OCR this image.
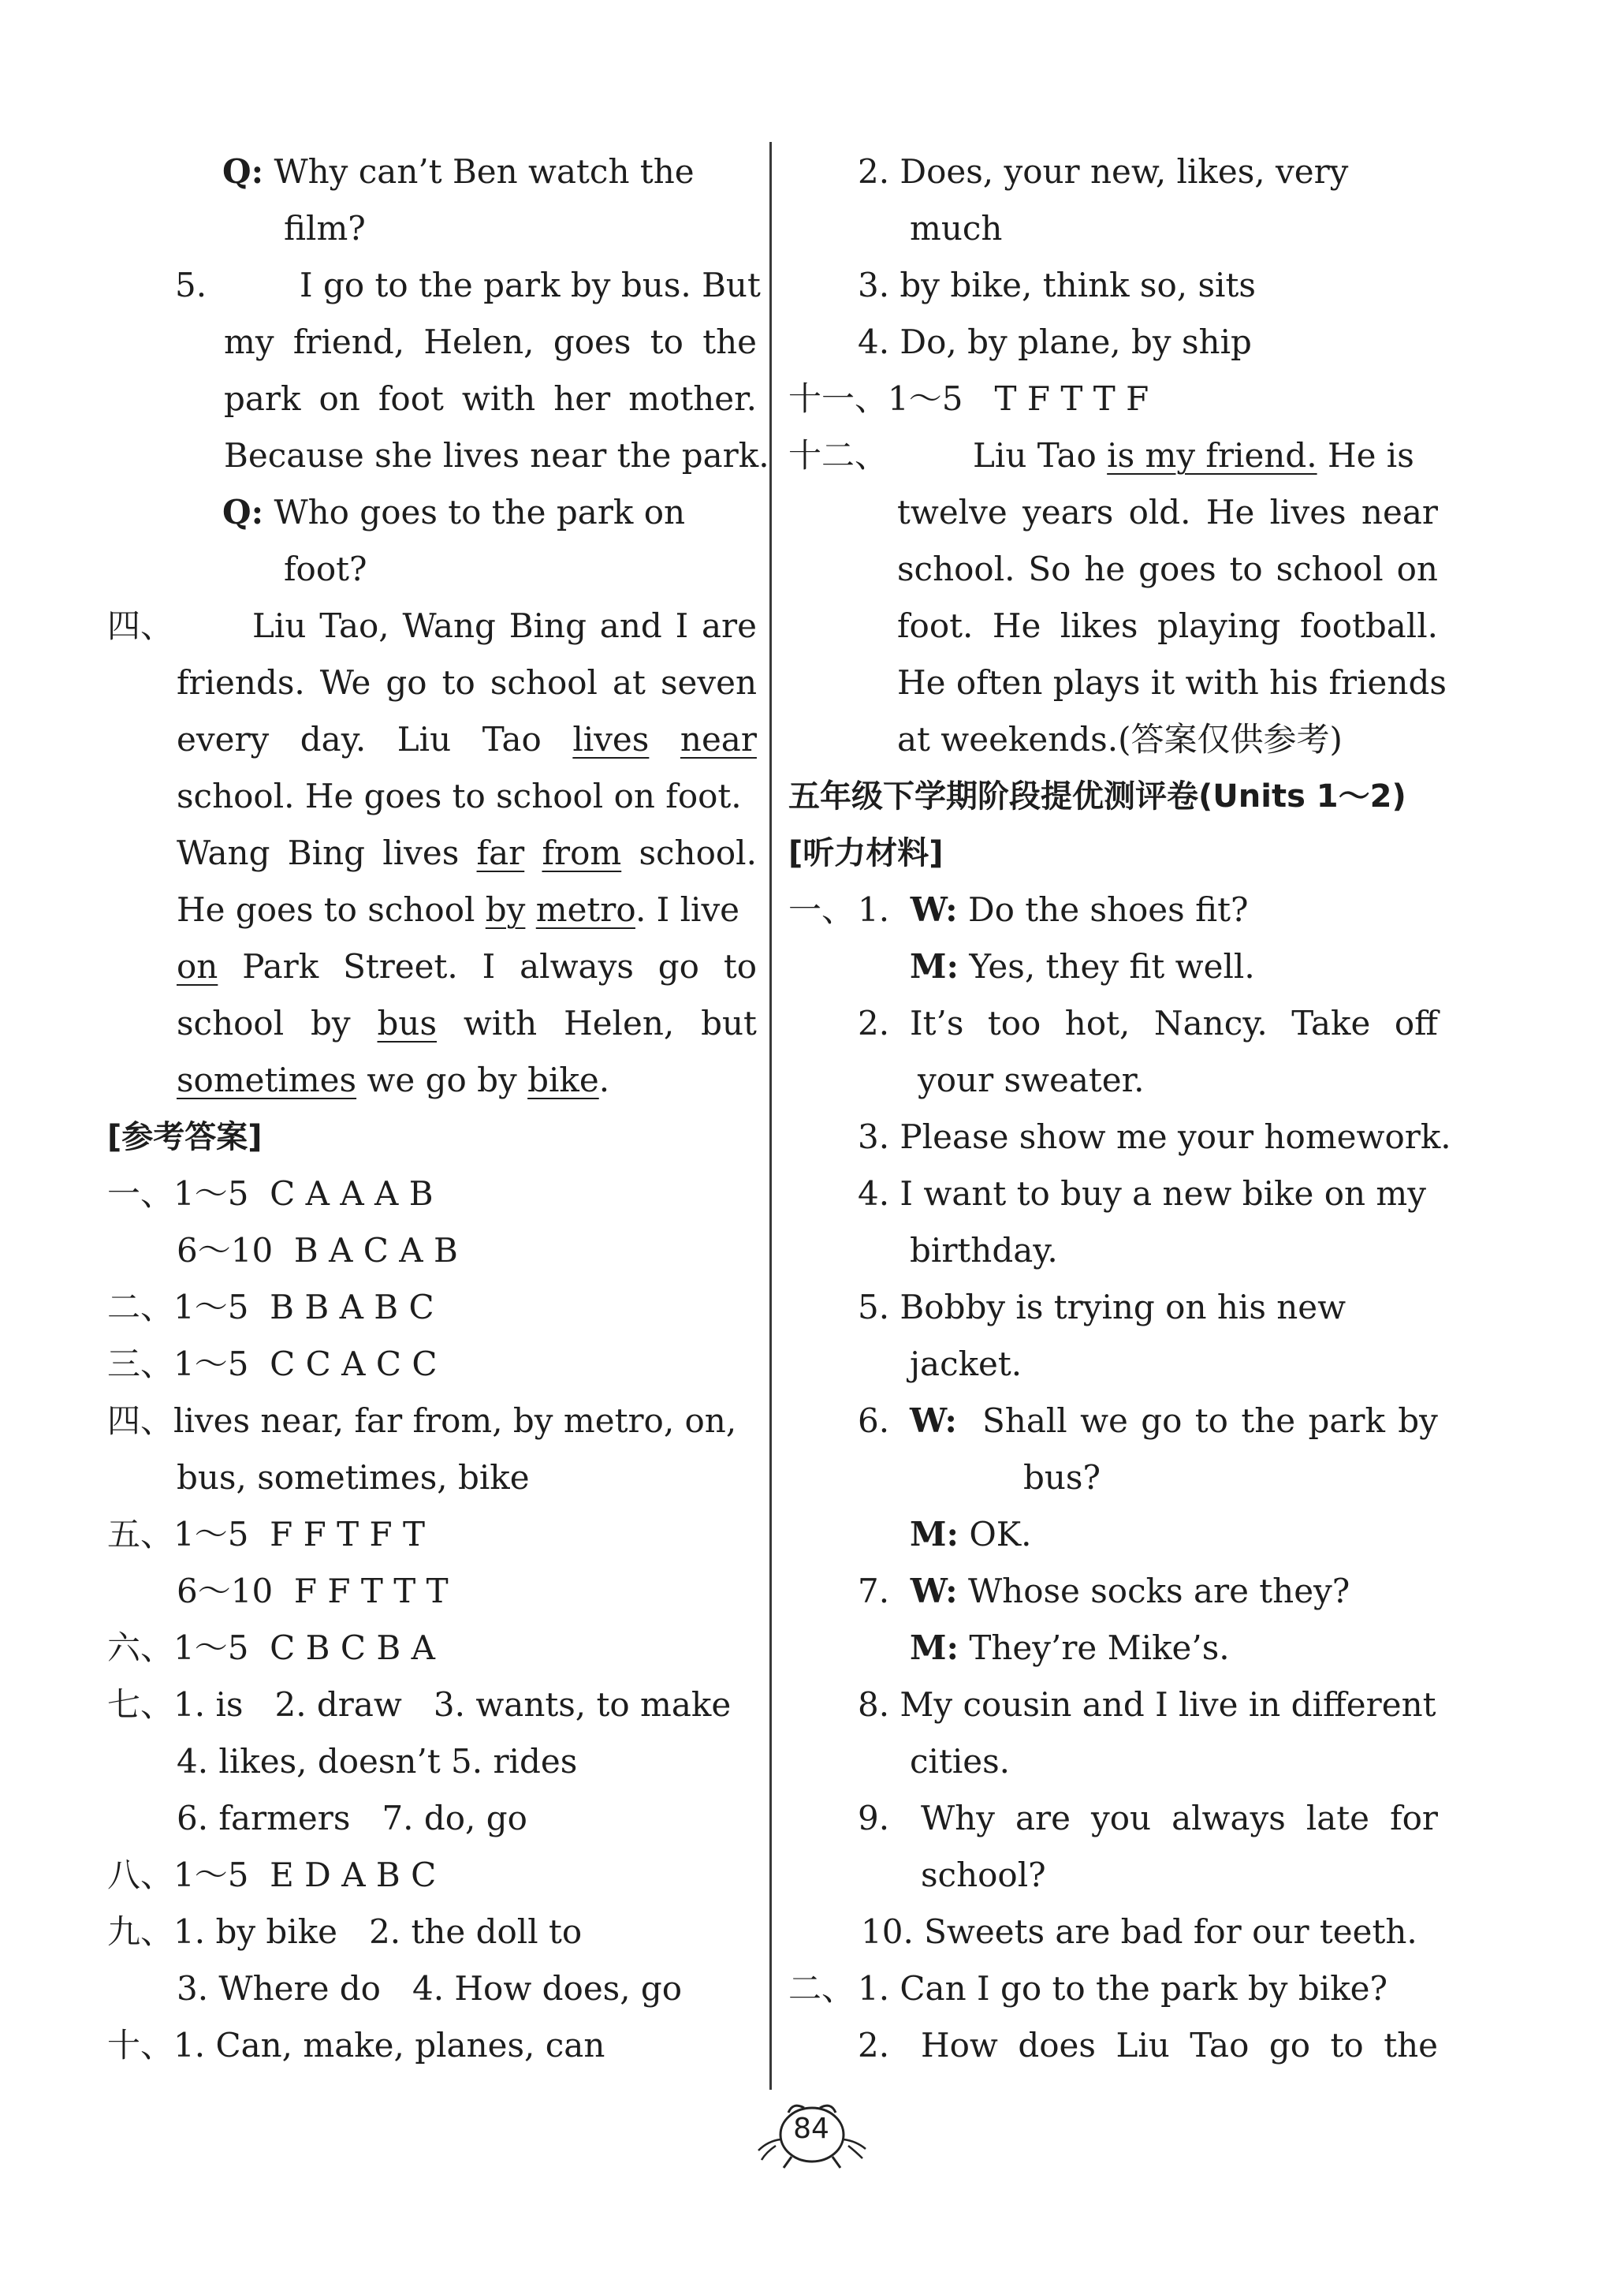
Q: Why can’t Ben watch the
film?
5.	I go to the park by bus. But
my friend, Helen, goes to the
park on foot with her mother.
Because she lives near the park.
Q: Who goes to the park on
foot?
四、 Liu Tao, Wang Bing and I are
friends. We go to school at seven
every day. Liu Tao lives near
school. He goes to school on foot.
Wang Bing lives far from school.
He goes to school by metro. I live
on Park Street. I always go to
school by bus with Helen, but
sometimes we go by bike.
[参考答案]
一、1～5 C A A A B
6～10 B A C A B
二、1～5 B B A B C
三、1～5 C C A C C
四、lives near, far from, by metro, on,
bus, sometimes, bike
五、1～5 F F T F T
6～10 F F T T T
六、1～5 C B C B A
七、1. is   2. draw   3. wants, to make
4. likes, doesn’t 5. rides
6. farmers   7. do, go
八、1～5 E D A B C
九、1. by bike   2. the doll to
3. Where do   4. How does, go
十、1. Can, make, planes, can
2. Does, your new, likes, very
much
3. by bike, think so, sits
4. Do, by plane, by ship
十一、1～5 T F T T F
十二、	Liu Tao is my friend. He is
twelve years old. He lives near
school. So he goes to school on
foot. He likes playing football.
He often plays it with his friends
at weekends.(答案仅供参考)
五年级下学期阶段提优测评卷(Units 1～2)
[听力材料]
一、 1. W: Do the shoes fit?
M: Yes, they fit well.
2. It’s too hot, Nancy. Take off
your sweater.
3. Please show me your homework.
4. I want to buy a new bike on my
birthday.
5. Bobby is trying on his new
jacket.
6. W: Shall we go to the park by
bus?
M: OK.
7. W: Whose socks are they?
M: They’re Mike’s.
8. My cousin and I live in different
cities.
9. Why are you always late for
school?
10. Sweets are bad for our teeth.
二、 1. Can I go to the park by bike?
2. How does Liu Tao go to the
84
